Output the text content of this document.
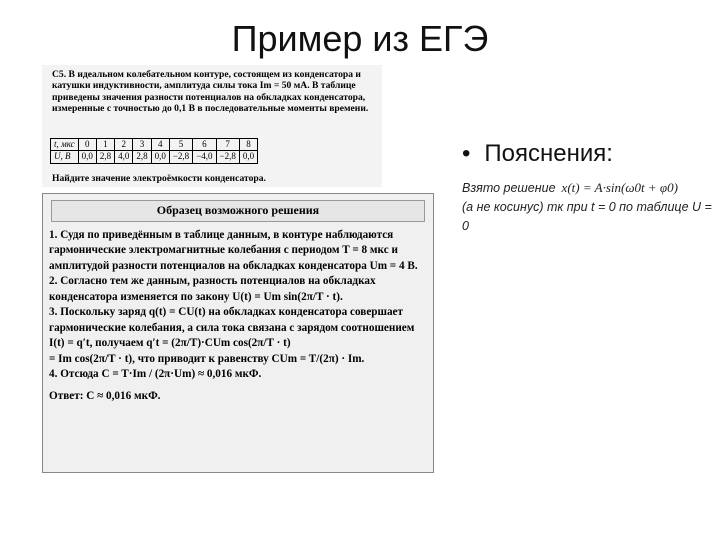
Пример из ЕГЭ

С5. В идеальном колебательном контуре, состоящем из конденсатора и катушки индуктивности, амплитуда силы тока Im = 50 мА. В таблице приведены значения разности потенциалов на обкладках конденсатора, измеренные с точностью до 0,1 В в последовательные моменты времени.

t, мкс	0	1	2	3	4	5	6	7	8
U, В	0,0	2,8	4,0	2,8	0,0	−2,8	−4,0	−2,8	0,0
Найдите значение электроёмкости конденсатора.
Образец возможного решения

1. Судя по приведённым в таблице данным, в контуре наблюдаются гармонические электромагнитные колебания с периодом T = 8 мкс и амплитудой разности потенциалов на обкладках конденсатора Um = 4 В.

2. Согласно тем же данным, разность потенциалов на обкладках конденсатора изменяется по закону U(t) = Um sin(2π/T · t).

3. Поскольку заряд q(t) = CU(t) на обкладках конденсатора совершает гармонические колебания, а сила тока связана с зарядом соотношением I(t) = q′t, получаем q′t = (2π/T)·CUm cos(2π/T · t)

= Im cos(2π/T · t), что приводит к равенству CUm = T/(2π) · Im.

4. Отсюда C = T·Im / (2π·Um) ≈ 0,016 мкФ.

Ответ: C ≈ 0,016 мкФ.

• Пояснения:
Взято решение x(t) = A·sin(ω0t + φ0)
(а не косинус) тк при t = 0 по таблице U = 0
